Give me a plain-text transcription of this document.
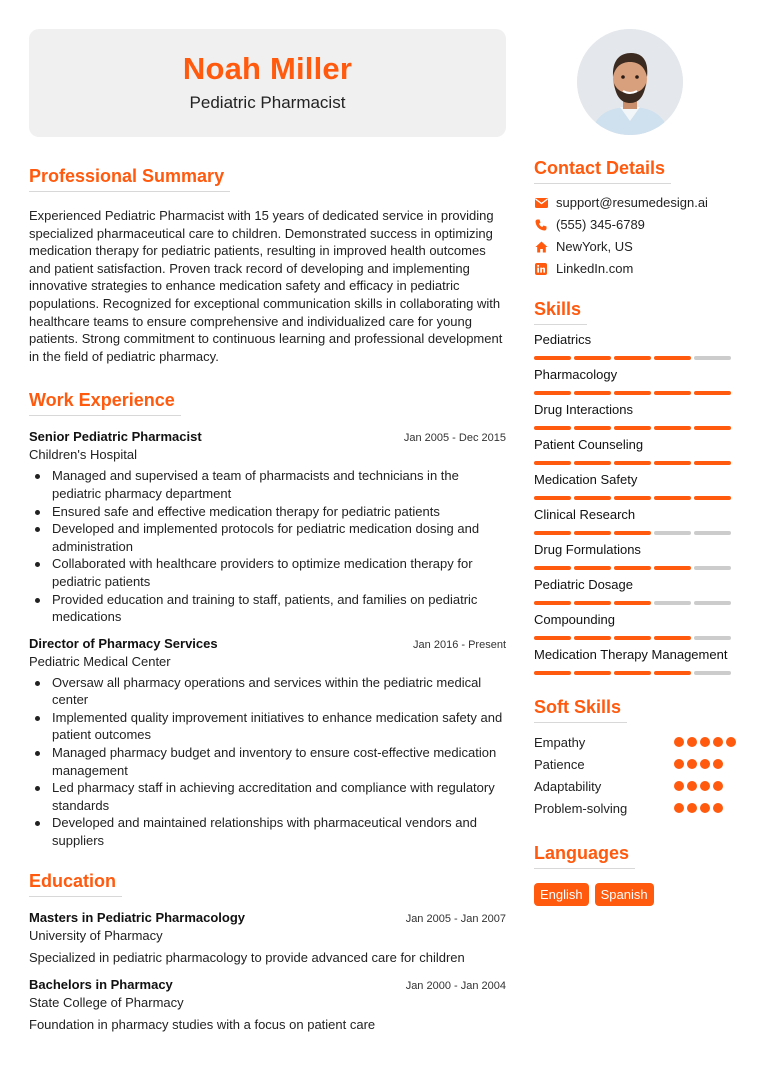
Noah Miller
Pediatric Pharmacist
Professional Summary

Experienced Pediatric Pharmacist with 15 years of dedicated service in providing specialized pharmaceutical care to children. Demonstrated success in optimizing medication therapy for pediatric patients, resulting in improved health outcomes and patient satisfaction. Proven track record of developing and implementing innovative strategies to enhance medication safety and efficacy in pediatric populations. Recognized for exceptional communication skills in collaborating with healthcare teams to ensure comprehensive and individualized care for young patients. Strong commitment to continuous learning and professional development in the field of pediatric pharmacy.

Work Experience
Senior Pediatric Pharmacist	Jan 2005 - Dec 2015
Children's Hospital
Managed and supervised a team of pharmacists and technicians in the pediatric pharmacy department
Ensured safe and effective medication therapy for pediatric patients
Developed and implemented protocols for pediatric medication dosing and administration
Collaborated with healthcare providers to optimize medication therapy for pediatric patients
Provided education and training to staff, patients, and families on pediatric medications
Director of Pharmacy Services	Jan 2016 - Present
Pediatric Medical Center
Oversaw all pharmacy operations and services within the pediatric medical center
Implemented quality improvement initiatives to enhance medication safety and patient outcomes
Managed pharmacy budget and inventory to ensure cost-effective medication management
Led pharmacy staff in achieving accreditation and compliance with regulatory standards
Developed and maintained relationships with pharmaceutical vendors and suppliers
Education
Masters in Pediatric Pharmacology	Jan 2005 - Jan 2007
University of Pharmacy
Specialized in pediatric pharmacology to provide advanced care for children
Bachelors in Pharmacy	Jan 2000 - Jan 2004
State College of Pharmacy
Foundation in pharmacy studies with a focus on patient care
Contact Details
support@resumedesign.ai
(555) 345-6789
NewYork, US
LinkedIn.com
Skills
Pediatrics
Pharmacology
Drug Interactions
Patient Counseling
Medication Safety
Clinical Research
Drug Formulations
Pediatric Dosage
Compounding
Medication Therapy Management
Soft Skills
Empathy
Patience
Adaptability
Problem-solving
Languages
English	Spanish
